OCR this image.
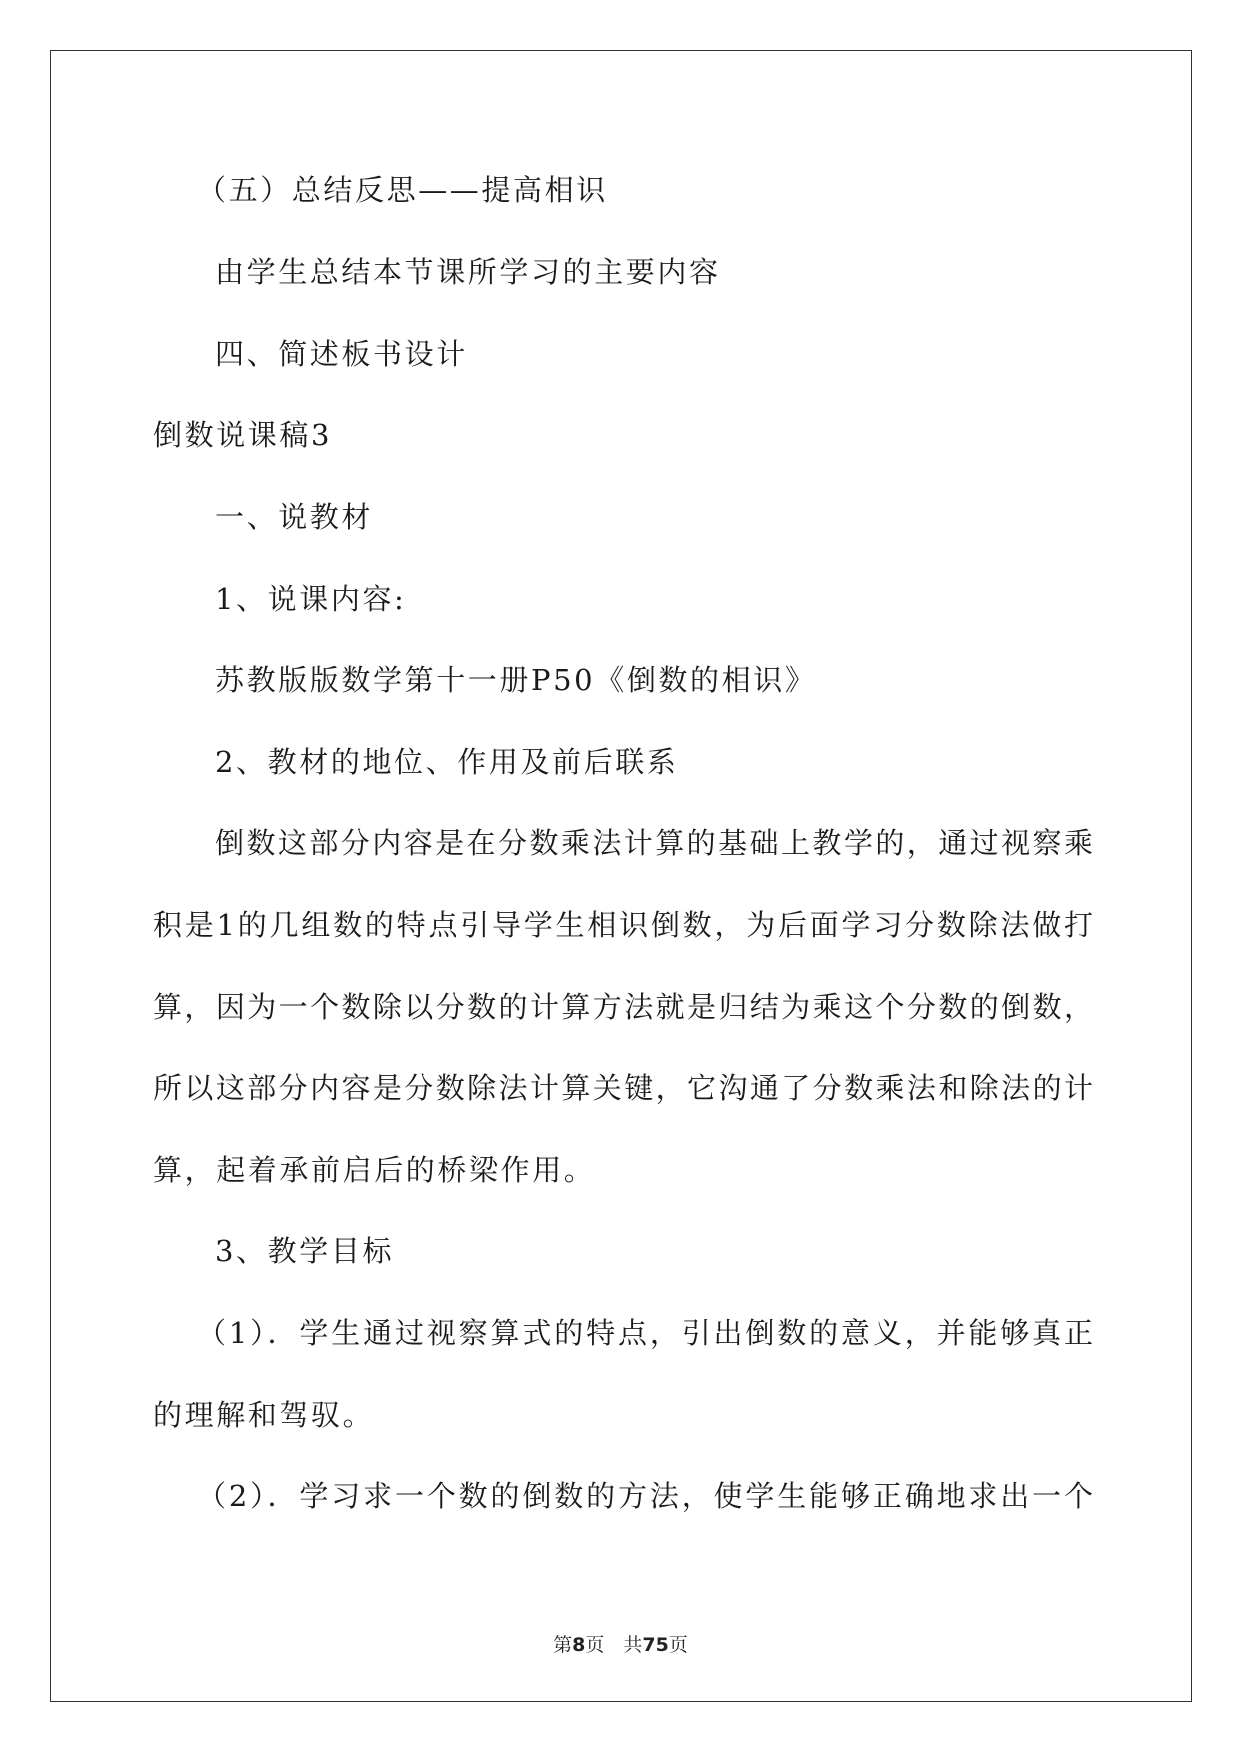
（五）总结反思——提高相识
由学生总结本节课所学习的主要内容
四、简述板书设计
倒数说课稿3
一、说教材
1、说课内容:
苏教版版数学第十一册P50《倒数的相识》
2、教材的地位、作用及前后联系
倒数这部分内容是在分数乘法计算的基础上教学的，通过视察乘
积是1的几组数的特点引导学生相识倒数，为后面学习分数除法做打
算，因为一个数除以分数的计算方法就是归结为乘这个分数的倒数，
所以这部分内容是分数除法计算关键，它沟通了分数乘法和除法的计
算，起着承前启后的桥梁作用。
3、教学目标
（1）．学生通过视察算式的特点，引出倒数的意义，并能够真正
的理解和驾驭。
（2）．学习求一个数的倒数的方法，使学生能够正确地求出一个
第8页　共75页
